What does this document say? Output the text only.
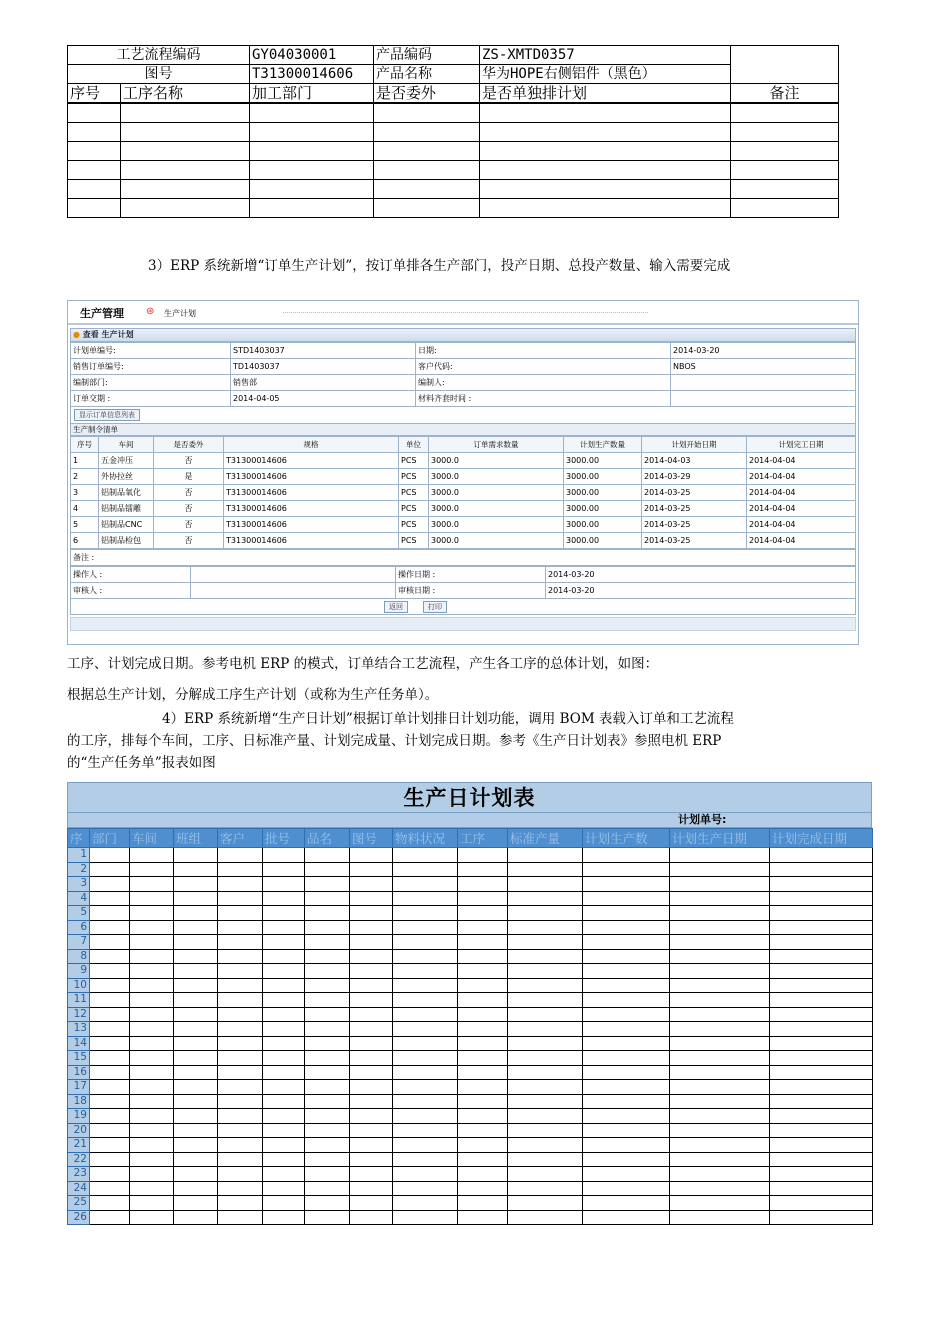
工艺流程编码		GY04030001	产品编码	ZS-XMTD0357	
图号		T31300014606	产品名称	华为HOPE右侧铝件（黑色）	
序号	工序名称	加工部门	是否委外	是否单独排计划	备注

3）ERP 系统新增“订单生产计划”，按订单排各生产部门，投产日期、总投产数量、输入需要完成

生产管理 ⊛ 生产计划
● 查看 生产计划
计划单编号:	STD1403037	日期:	2014-03-20
销售订单编号:	TD1403037	客户代码:	NBOS
编制部门:	销售部	编制人:	
订单交期 :	2014-04-05	材料齐套时间 :	
显示订单信息列表
生产制令清单
序号	车间	是否委外	规格	单位	订单需求数量	计划生产数量	计划开始日期	计划完工日期
1	五金冲压	否	T31300014606	PCS	3000.0	3000.00	2014-04-03	2014-04-04
2	外协拉丝	是	T31300014606	PCS	3000.0	3000.00	2014-03-29	2014-04-04
3	铝制品氧化	否	T31300014606	PCS	3000.0	3000.00	2014-03-25	2014-04-04
4	铝制品镭雕	否	T31300014606	PCS	3000.0	3000.00	2014-03-25	2014-04-04
5	铝制品CNC	否	T31300014606	PCS	3000.0	3000.00	2014-03-25	2014-04-04
6	铝制品检包	否	T31300014606	PCS	3000.0	3000.00	2014-03-25	2014-04-04
备注 :
操作人 :		操作日期 :	2014-03-20
审核人 :		审核日期 :	2014-03-20
返回	打印

工序、计划完成日期。参考电机 ERP 的模式，订单结合工艺流程，产生各工序的总体计划，如图：

根据总生产计划，分解成工序生产计划（或称为生产任务单）。

4）ERP 系统新增“生产日计划”根据订单计划排日计划功能，调用 BOM 表载入订单和工艺流程

的工序，排每个车间，工序、日标准产量、计划完成量、计划完成日期。参考《生产日计划表》参照电机 ERP

的“生产任务单”报表如图

生产日计划表
计划单号:
序	部门	车间	班组	客户	批号	品名	图号	物料状况	工序	标准产量	计划生产数	计划生产日期	计划完成日期
1													
2													
3													
4													
5													
6													
7													
8													
9													
10													
11													
12													
13													
14													
15													
16													
17													
18													
19													
20													
21													
22													
23													
24													
25													
26													
